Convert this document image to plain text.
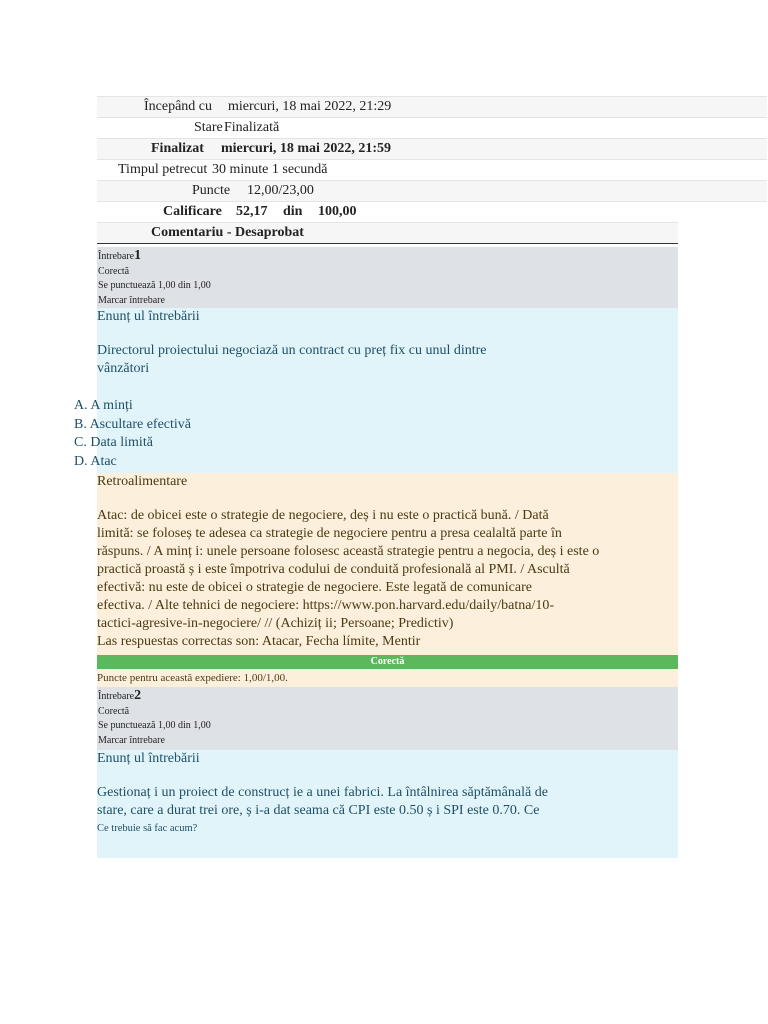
Începând cu miercuri, 18 mai 2022, 21:29
Stare Finalizată
Finalizat miercuri, 18 mai 2022, 21:59
Timpul petrecut 30 minute 1 secundă
Puncte 12,00/23,00
Calificare 52,17 din 100,00
Comentariu - Desaprobat
Întrebare1
Corectă
Se punctuează 1,00 din 1,00
Marcar întrebare

Enunț ul întrebării

Directorul proiectului negociază un contract cu preț fix cu unul dintre

vânzători

A. A minți
B. Ascultare efectivă
C. Data limită
D. Atac

Retroalimentare

Atac: de obicei este o strategie de negociere, deș i nu este o practică bună. / Dată

limită: se foloseș te adesea ca strategie de negociere pentru a presa cealaltă parte în

răspuns. / A minț i: unele persoane folosesc această strategie pentru a negocia, deș i este o

practică proastă ș i este împotriva codului de conduită profesională al PMI. / Ascultă

efectivă: nu este de obicei o strategie de negociere. Este legată de comunicare

efectiva. / Alte tehnici de negociere: https://www.pon.harvard.edu/daily/batna/10-

tactici-agresive-in-negociere/ // (Achiziț ii; Persoane; Predictiv)

Las respuestas correctas son: Atacar, Fecha límite, Mentir

Corectă
Puncte pentru această expediere: 1,00/1,00.
Întrebare2
Corectă
Se punctuează 1,00 din 1,00
Marcar întrebare

Enunț ul întrebării

Gestionaț i un proiect de construcț ie a unei fabrici. La întâlnirea săptămânală de

stare, care a durat trei ore, ș i-a dat seama că CPI este 0.50 ș i SPI este 0.70. Ce

Ce trebuie să fac acum?
